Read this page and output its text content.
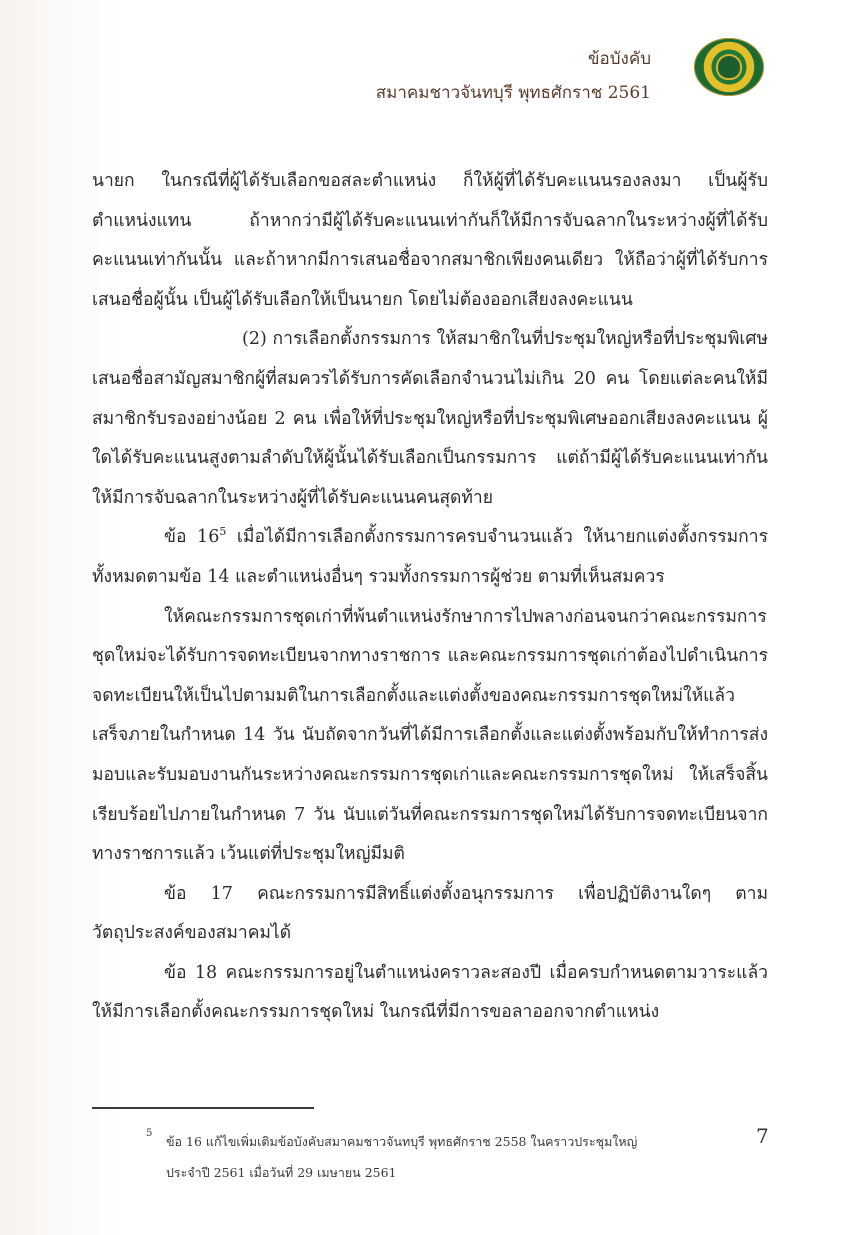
ข้อบังคับ
สมาคมชาวจันทบุรี พุทธศักราช 2561

นายก ในกรณีที่ผู้ได้รับเลือกขอสละตำแหน่ง ก็ให้ผู้ที่ได้รับคะแนนรองลงมา เป็นผู้รับตำแหน่งแทน ถ้าหากว่ามีผู้ได้รับคะแนนเท่ากันก็ให้มีการจับฉลากในระหว่างผู้ที่ได้รับคะแนนเท่ากันนั้น และถ้าหากมีการเสนอชื่อจากสมาชิกเพียงคนเดียว ให้ถือว่าผู้ที่ได้รับการเสนอชื่อผู้นั้น เป็นผู้ได้รับเลือกให้เป็นนายก โดยไม่ต้องออกเสียงลงคะแนน

(2) การเลือกตั้งกรรมการ ให้สมาชิกในที่ประชุมใหญ่หรือที่ประชุมพิเศษเสนอชื่อสามัญสมาชิกผู้ที่สมควรได้รับการคัดเลือกจำนวนไม่เกิน 20 คน โดยแต่ละคนให้มีสมาชิกรับรองอย่างน้อย 2 คน เพื่อให้ที่ประชุมใหญ่หรือที่ประชุมพิเศษออกเสียงลงคะแนน ผู้ใดได้รับคะแนนสูงตามลำดับให้ผู้นั้นได้รับเลือกเป็นกรรมการ แต่ถ้ามีผู้ได้รับคะแนนเท่ากัน ให้มีการจับฉลากในระหว่างผู้ที่ได้รับคะแนนคนสุดท้าย

ข้อ $16^5$ เมื่อได้มีการเลือกตั้งกรรมการครบจำนวนแล้ว ให้นายกแต่งตั้งกรรมการทั้งหมดตามข้อ 14 และตำแหน่งอื่นๆ รวมทั้งกรรมการผู้ช่วย ตามที่เห็นสมควร

ให้คณะกรรมการชุดเก่าที่พ้นตำแหน่งรักษาการไปพลางก่อนจนกว่าคณะกรรมการชุดใหม่จะได้รับการจดทะเบียนจากทางราชการ และคณะกรรมการชุดเก่าต้องไปดำเนินการจดทะเบียนให้เป็นไปตามมติในการเลือกตั้งและแต่งตั้งของคณะกรรมการชุดใหม่ให้แล้วเสร็จภายในกำหนด 14 วัน นับถัดจากวันที่ได้มีการเลือกตั้งและแต่งตั้งพร้อมกับให้ทำการส่งมอบและรับมอบงานกันระหว่างคณะกรรมการชุดเก่าและคณะกรรมการชุดใหม่ ให้เสร็จสิ้นเรียบร้อยไปภายในกำหนด 7 วัน นับแต่วันที่คณะกรรมการชุดใหม่ได้รับการจดทะเบียนจากทางราชการแล้ว เว้นแต่ที่ประชุมใหญ่มีมติ

ข้อ 17 คณะกรรมการมีสิทธิ์แต่งตั้งอนุกรรมการ เพื่อปฏิบัติงานใดๆ ตามวัตถุประสงค์ของสมาคมได้

ข้อ 18 คณะกรรมการอยู่ในตำแหน่งคราวละสองปี เมื่อครบกำหนดตามวาระแล้ว ให้มีการเลือกตั้งคณะกรรมการชุดใหม่ ในกรณีที่มีการขอลาออกจากตำแหน่ง

5
ข้อ 16 แก้ไขเพิ่มเติมข้อบังคับสมาคมชาวจันทบุรี พุทธศักราช 2558 ในคราวประชุมใหญ่
ประจำปี 2561 เมื่อวันที่ 29 เมษายน 2561
7
